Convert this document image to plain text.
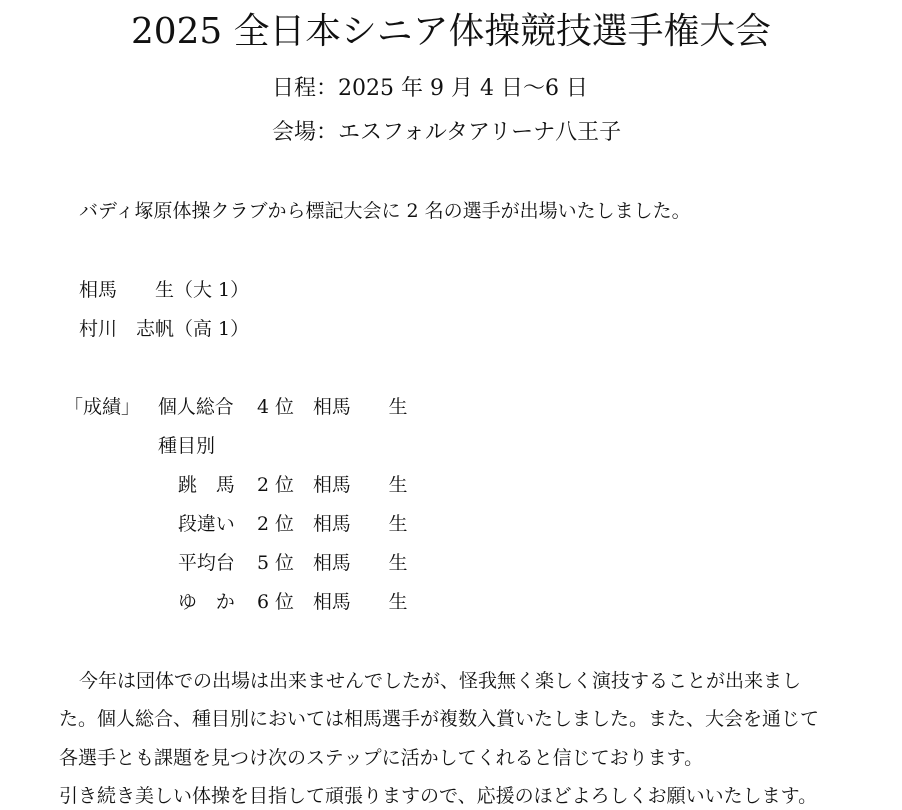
2025 全日本シニア体操競技選手権大会
日程：2025 年 9 月 4 日〜6 日
会場：エスフォルタアリーナ八王子
バディ塚原体操クラブから標記大会に 2 名の選手が出場いたしました。
相馬　　生（大 1）
村川　志帆（高 1）
「成績」 個人総合 4 位 相馬　　生
種目別
跳　馬 2 位 相馬　　生
段違い 2 位 相馬　　生
平均台 5 位 相馬　　生
ゆ　か 6 位 相馬　　生
今年は団体での出場は出来ませんでしたが、怪我無く楽しく演技することが出来まし
た。個人総合、種目別においては相馬選手が複数入賞いたしました。また、大会を通じて
各選手とも課題を見つけ次のステップに活かしてくれると信じております。
引き続き美しい体操を目指して頑張りますので、応援のほどよろしくお願いいたします。
